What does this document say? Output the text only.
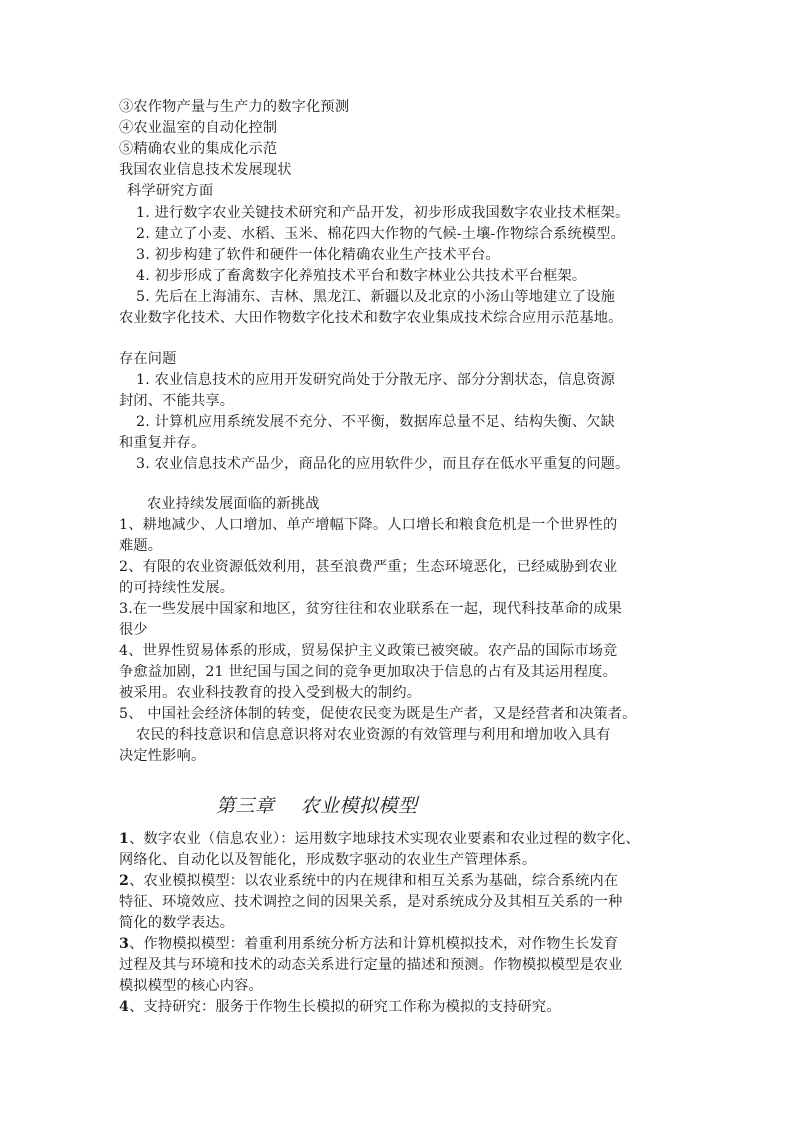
③农作物产量与生产力的数字化预测
④农业温室的自动化控制
⑤精确农业的集成化示范
我国农业信息技术发展现状
科学研究方面
1. 进行数字农业关键技术研究和产品开发，初步形成我国数字农业技术框架。
2. 建立了小麦、水稻、玉米、棉花四大作物的气候-土壤-作物综合系统模型。
3. 初步构建了软件和硬件一体化精确农业生产技术平台。
4. 初步形成了畜禽数字化养殖技术平台和数字林业公共技术平台框架。
5. 先后在上海浦东、吉林、黑龙江、新疆以及北京的小汤山等地建立了设施
农业数字化技术、大田作物数字化技术和数字农业集成技术综合应用示范基地。
存在问题
1. 农业信息技术的应用开发研究尚处于分散无序、部分分割状态，信息资源
封闭、不能共享。
2. 计算机应用系统发展不充分、不平衡，数据库总量不足、结构失衡、欠缺
和重复并存。
3. 农业信息技术产品少，商品化的应用软件少，而且存在低水平重复的问题。
农业持续发展面临的新挑战
1、耕地减少、人口增加、单产增幅下降。人口增长和粮食危机是一个世界性的
难题。
2、有限的农业资源低效利用，甚至浪费严重；生态环境恶化，已经威胁到农业
的可持续性发展。
3.在一些发展中国家和地区，贫穷往往和农业联系在一起，现代科技革命的成果
很少
4、世界性贸易体系的形成，贸易保护主义政策已被突破。农产品的国际市场竞
争愈益加剧，21 世纪国与国之间的竞争更加取决于信息的占有及其运用程度。
被采用。农业科技教育的投入受到极大的制约。
5、 中国社会经济体制的转变，促使农民变为既是生产者，又是经营者和决策者。
农民的科技意识和信息意识将对农业资源的有效管理与利用和增加收入具有
决定性影响。
第三章 农业模拟模型
1、数字农业（信息农业）：运用数字地球技术实现农业要素和农业过程的数字化、
网络化、自动化以及智能化，形成数字驱动的农业生产管理体系。
2、农业模拟模型：以农业系统中的内在规律和相互关系为基础，综合系统内在
特征、环境效应、技术调控之间的因果关系，是对系统成分及其相互关系的一种
简化的数学表达。
3、作物模拟模型：着重利用系统分析方法和计算机模拟技术，对作物生长发育
过程及其与环境和技术的动态关系进行定量的描述和预测。作物模拟模型是农业
模拟模型的核心内容。
4、支持研究：服务于作物生长模拟的研究工作称为模拟的支持研究。
